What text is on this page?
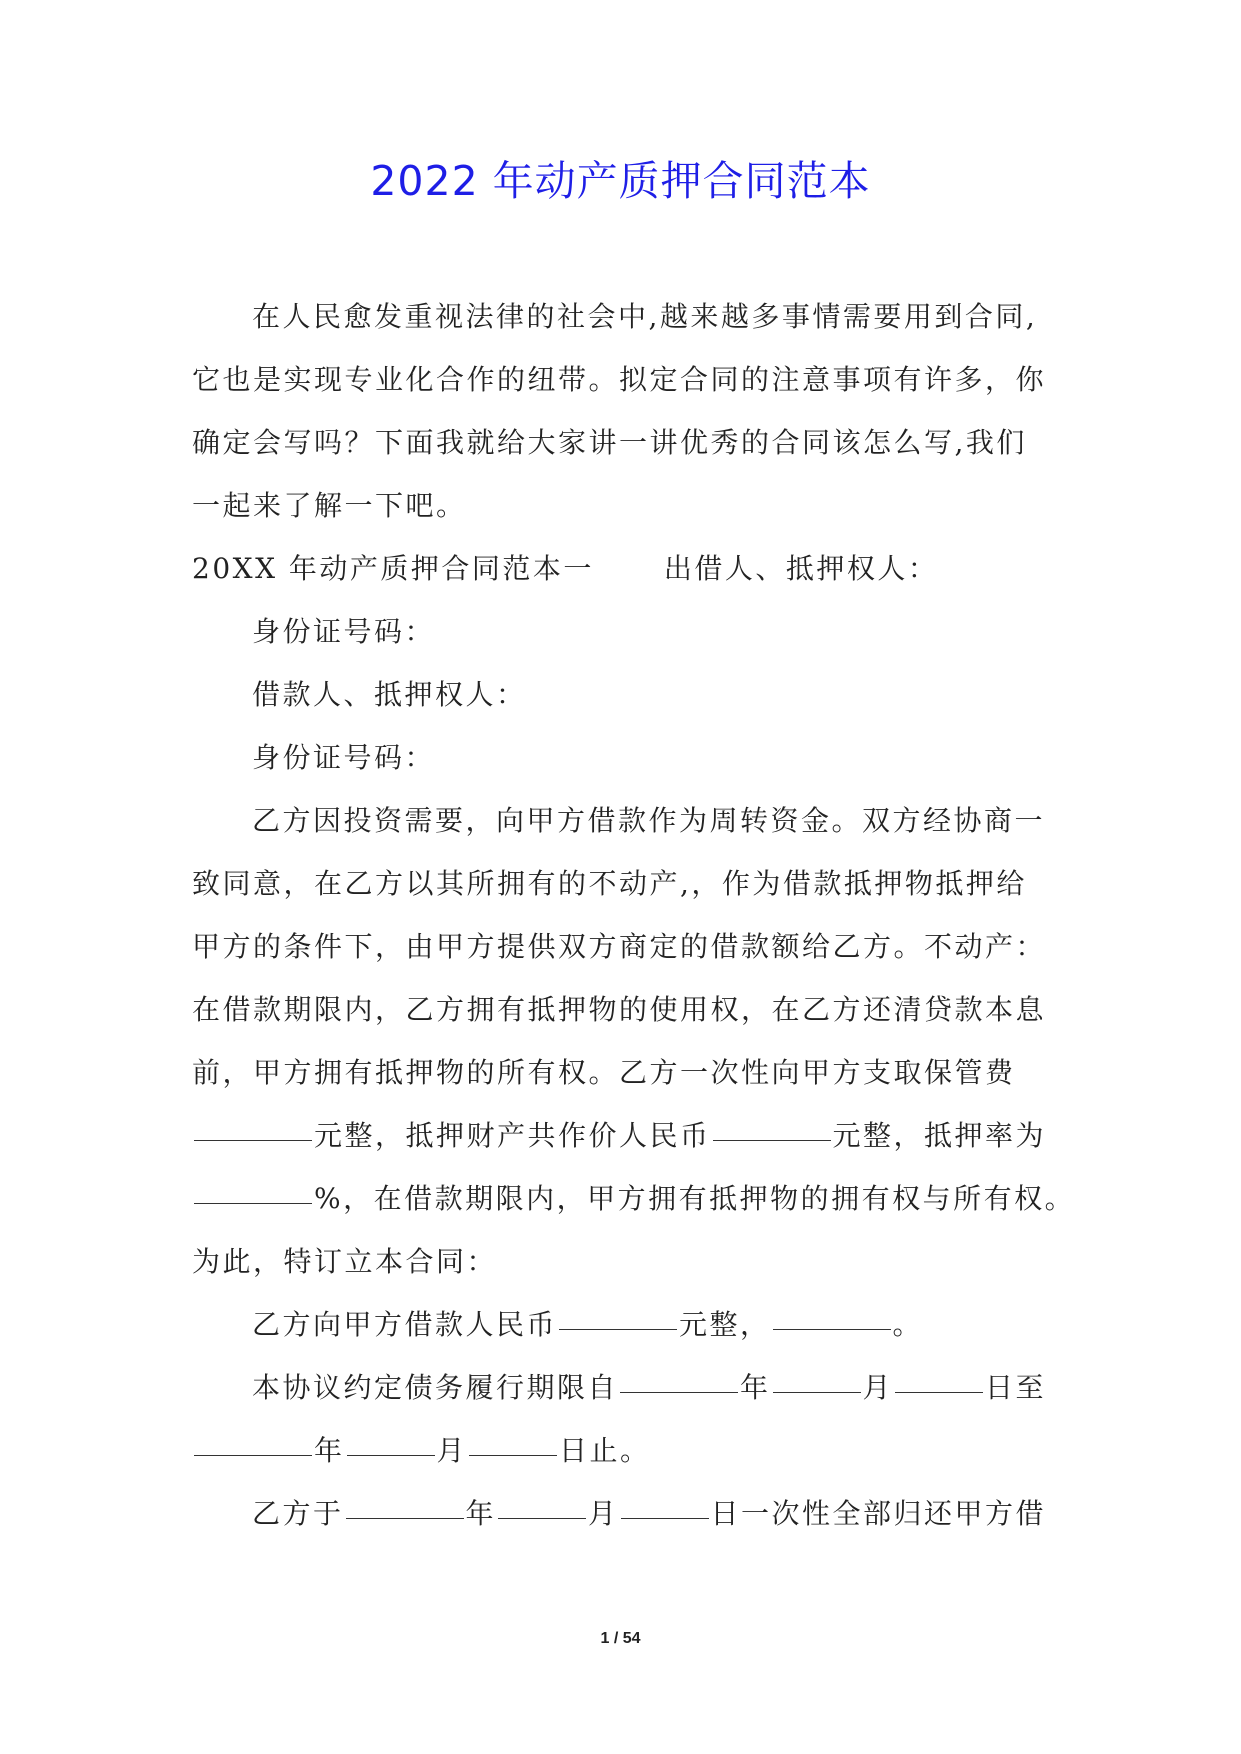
2022 年动产质押合同范本
在人民愈发重视法律的社会中,越来越多事情需要用到合同,
它也是实现专业化合作的纽带。拟定合同的注意事项有许多，你
确定会写吗？下面我就给大家讲一讲优秀的合同该怎么写,我们
一起来了解一下吧。
20XX 年动产质押合同范本一	出借人、抵押权人：
身份证号码：
借款人、抵押权人：
身份证号码：
乙方因投资需要，向甲方借款作为周转资金。双方经协商一
致同意，在乙方以其所拥有的不动产,，作为借款抵押物抵押给
甲方的条件下，由甲方提供双方商定的借款额给乙方。不动产：
在借款期限内，乙方拥有抵押物的使用权，在乙方还清贷款本息
前，甲方拥有抵押物的所有权。乙方一次性向甲方支取保管费
元整，抵押财产共作价人民币	元整，抵押率为
%，在借款期限内，甲方拥有抵押物的拥有权与所有权。
为此，特订立本合同：
乙方向甲方借款人民币	元整，	。
本协议约定债务履行期限自	年	月	日至
年	月	日止。
乙方于	年	月	日一次性全部归还甲方借
1 / 54
